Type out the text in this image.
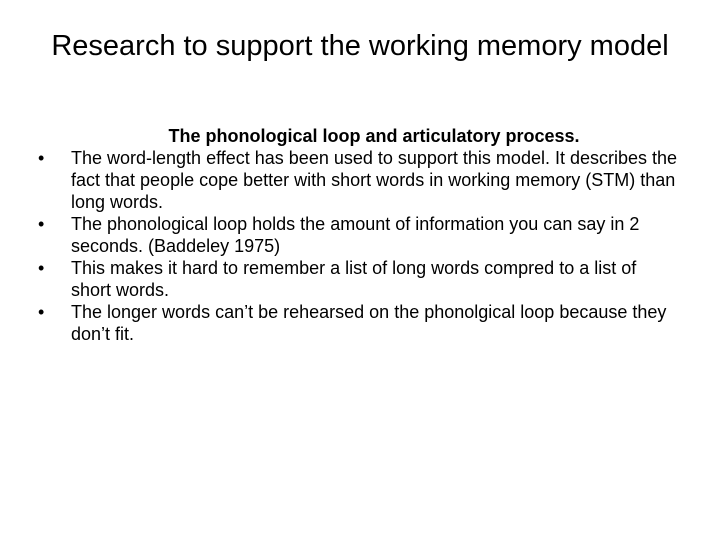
Research to support the working memory model

The phonological loop and articulatory process.

•	The word-length effect has been used to support this model. It describes the fact that people cope better with short words in working memory (STM) than long words.
•	The phonological loop holds the amount of information you can say in 2 seconds. (Baddeley 1975)
•	This makes it hard to remember a list of long words compred to a list of short words.
•	The longer words can’t be rehearsed on the phonolgical loop because they don’t fit.
